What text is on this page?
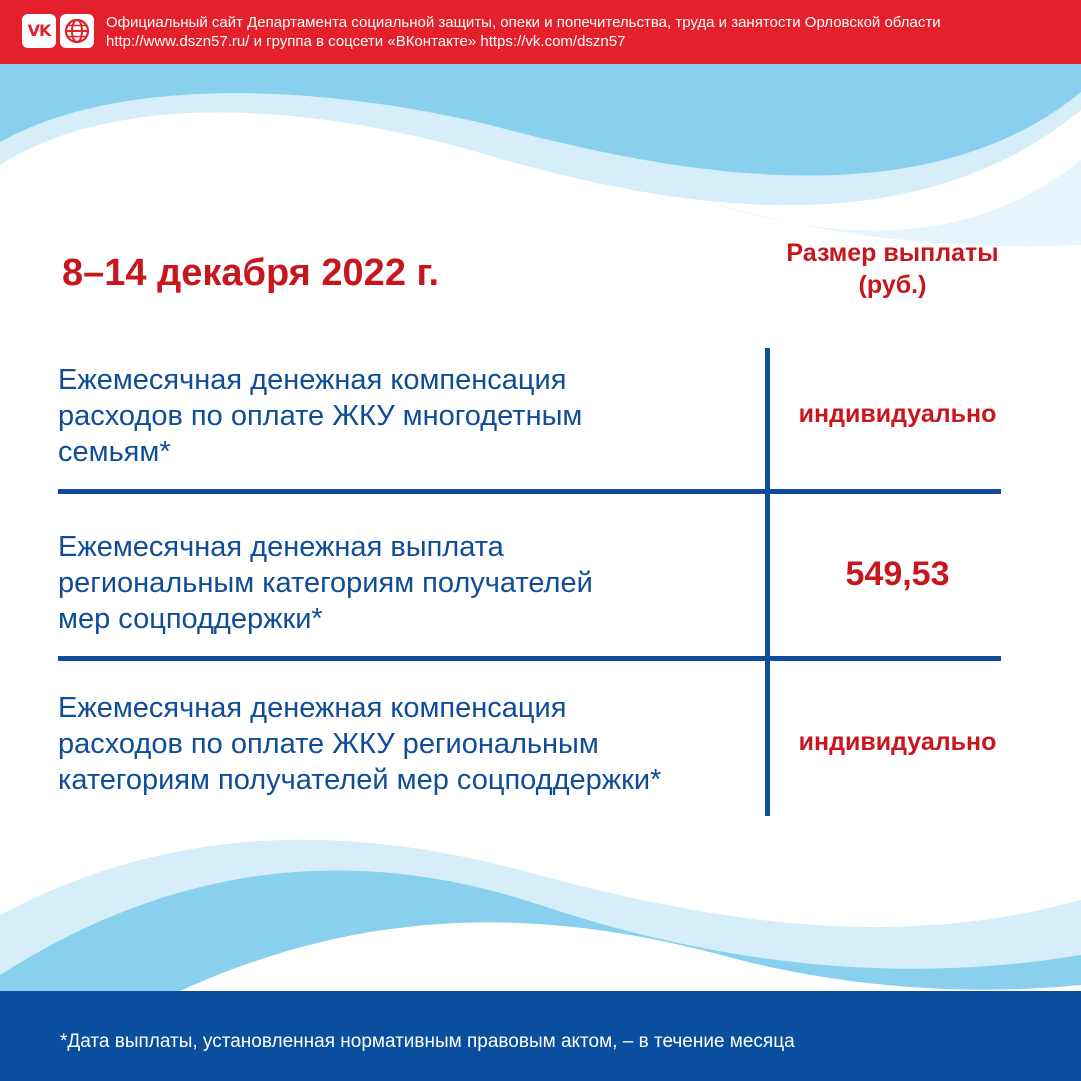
VK	Официальный сайт Департамента социальной защиты, опеки и попечительства, труда и занятости Орловской области
http://www.dszn57.ru/ и группа в соцсети «ВКонтакте» https://vk.com/dszn57
8–14 декабря 2022 г.	Размер выплаты
(руб.)
Ежемесячная денежная компенсация
расходов по оплате ЖКУ многодетным
семьям*
индивидуально
Ежемесячная денежная выплата
региональным категориям получателей
мер соцподдержки*
549,53
Ежемесячная денежная компенсация
расходов по оплате ЖКУ региональным
категориям получателей мер соцподдержки*
индивидуально
*Дата выплаты, установленная нормативным правовым актом, – в течение месяца
